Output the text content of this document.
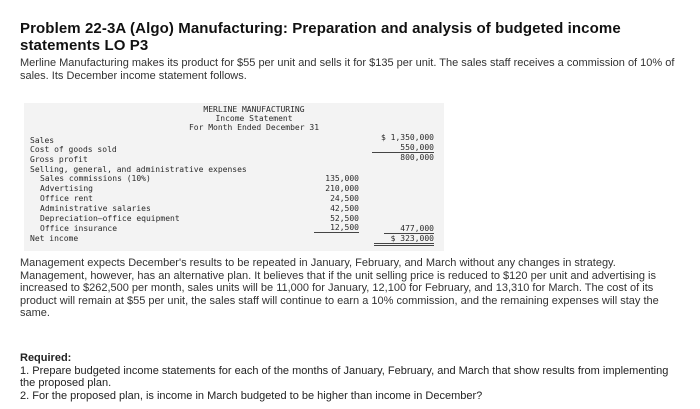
Problem 22-3A (Algo) Manufacturing: Preparation and analysis of budgeted income statements LO P3
Merline Manufacturing makes its product for $55 per unit and sells it for $135 per unit. The sales staff receives a commission of 10% of sales. Its December income statement follows.
MERLINE MANUFACTURING
Income Statement
For Month Ended December 31
Sales	$ 1,350,000
Cost of goods sold	550,000
Gross profit	800,000
Selling, general, and administrative expenses
Sales commissions (10%)	135,000
Advertising	210,000
Office rent	24,500
Administrative salaries	42,500
Depreciation—office equipment	52,500
Office insurance	12,500	477,000
Net income	$ 323,000
Management expects December's results to be repeated in January, February, and March without any changes in strategy. Management, however, has an alternative plan. It believes that if the unit selling price is reduced to $120 per unit and advertising is increased to $262,500 per month, sales units will be 11,000 for January, 12,100 for February, and 13,310 for March. The cost of its product will remain at $55 per unit, the sales staff will continue to earn a 10% commission, and the remaining expenses will stay the same.
Required:
1. Prepare budgeted income statements for each of the months of January, February, and March that show results from implementing the proposed plan.
2. For the proposed plan, is income in March budgeted to be higher than income in December?
